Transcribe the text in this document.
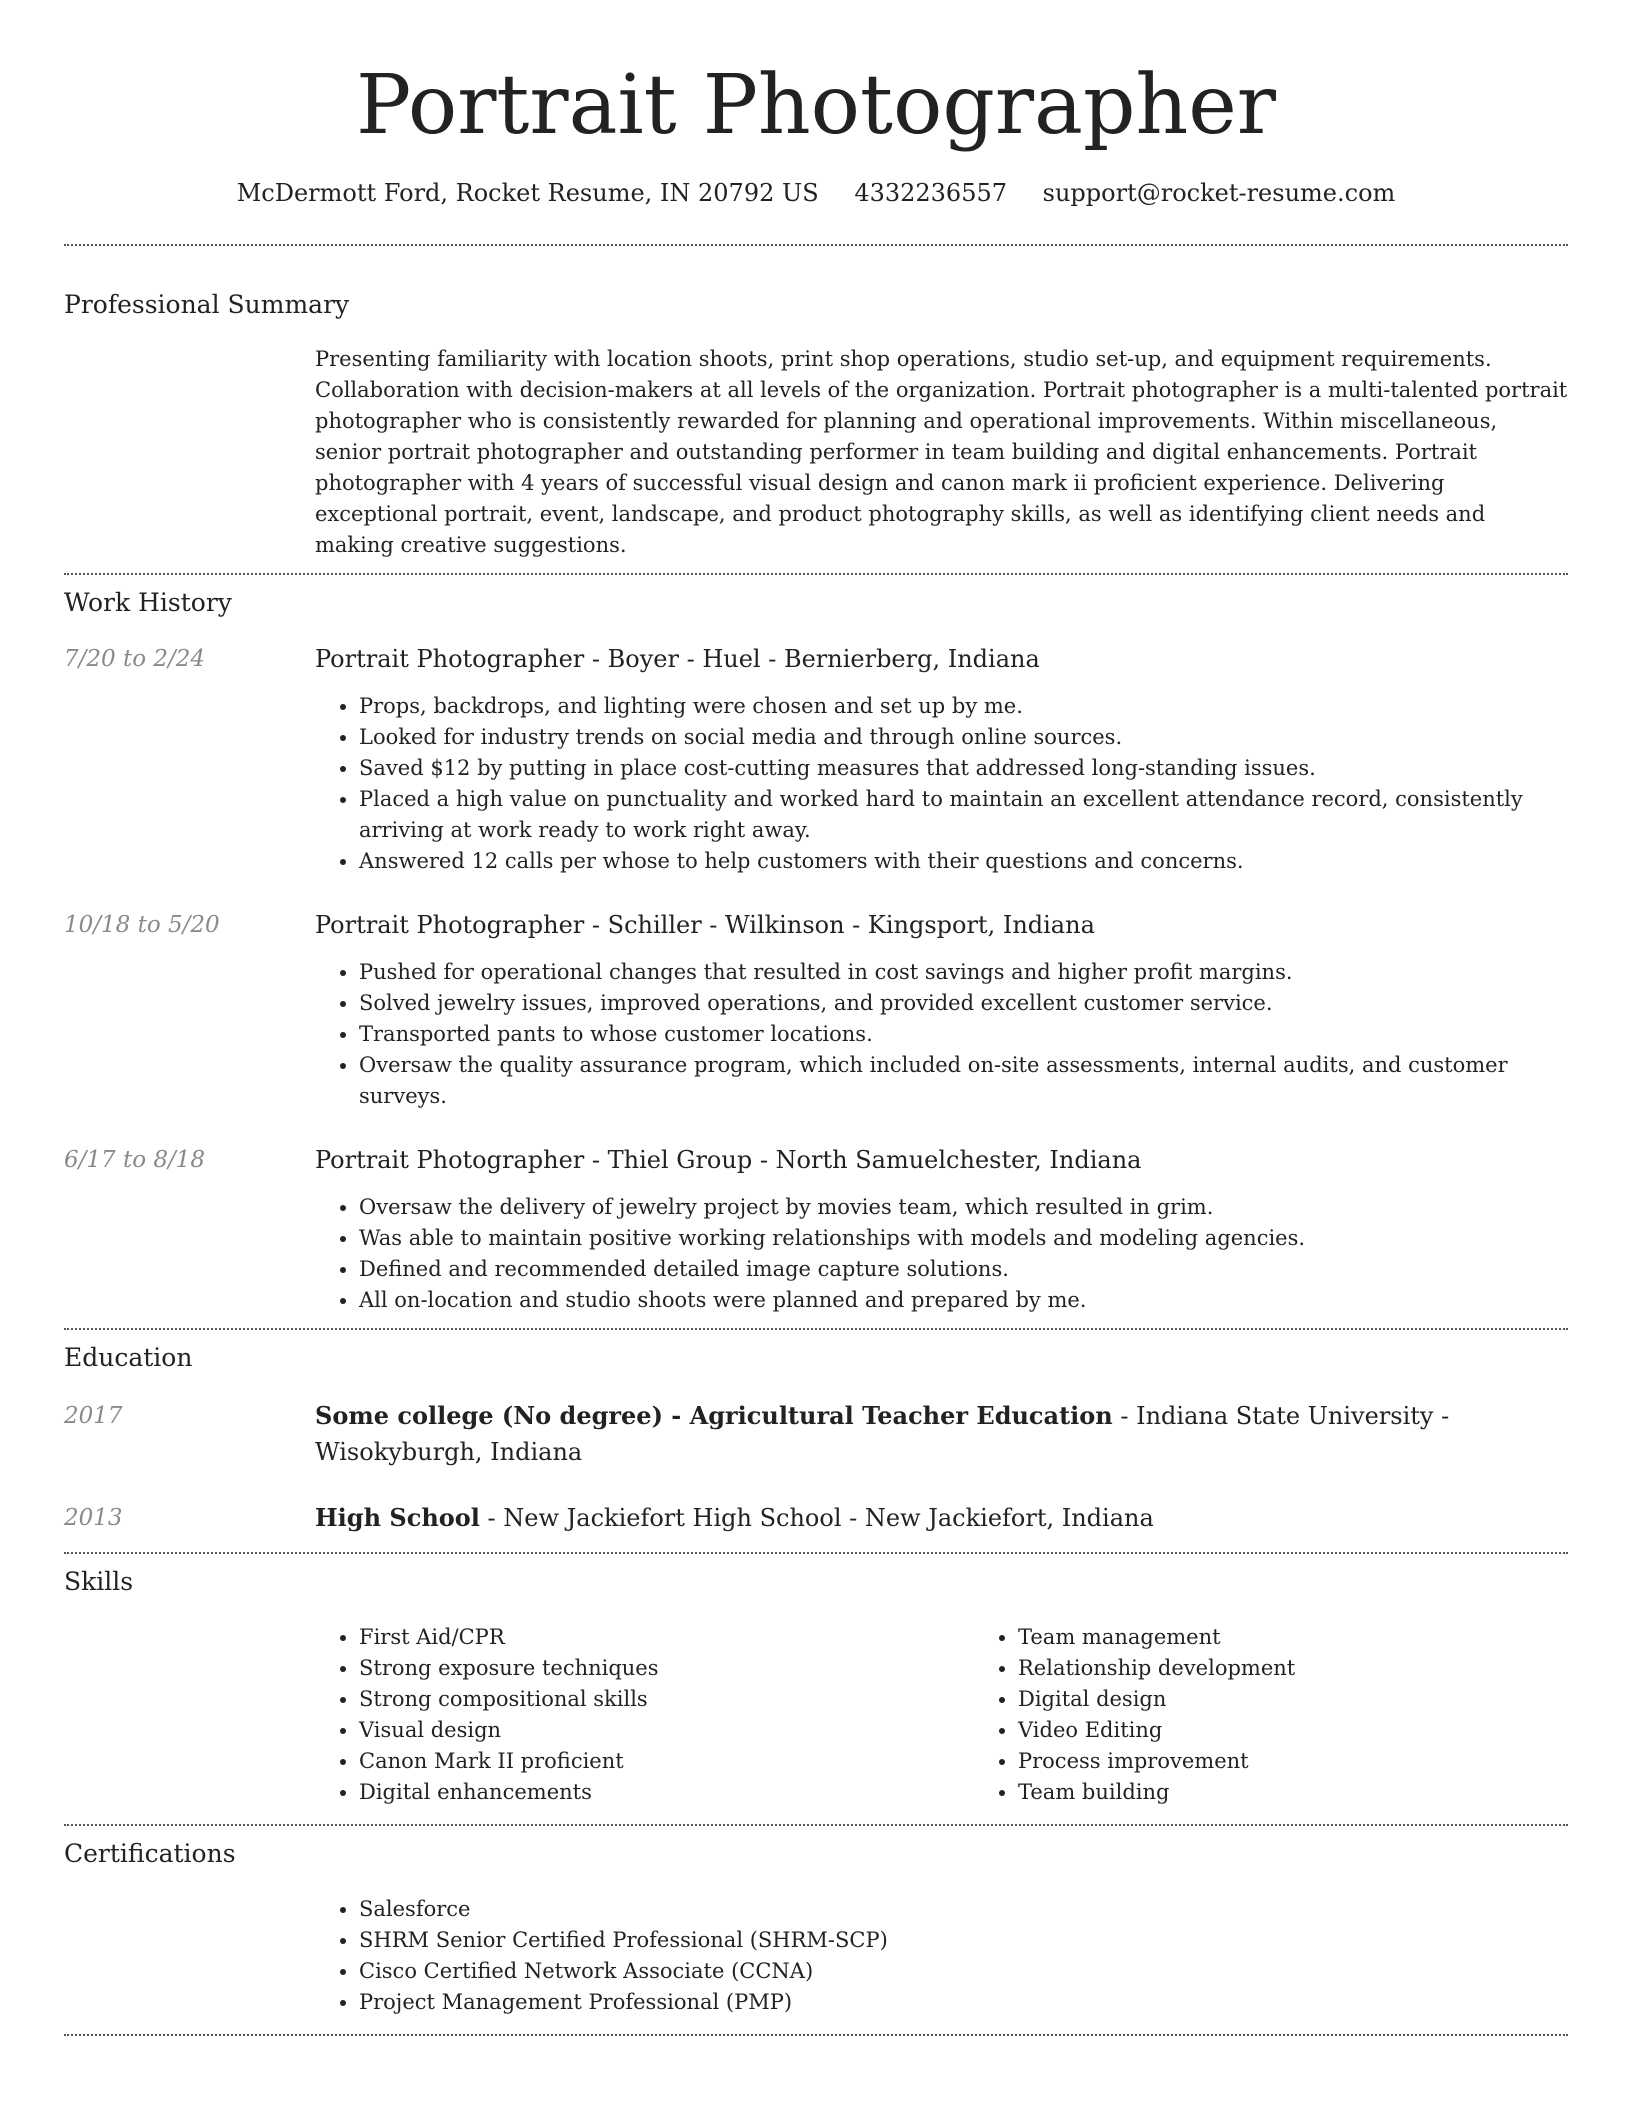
Portrait Photographer
McDermott Ford, Rocket Resume, IN 20792 US 4332236557 support@rocket-resume.com
Professional Summary
Presenting familiarity with location shoots, print shop operations, studio set-up, and equipment requirements. Collaboration with decision-makers at all levels of the organization. Portrait photographer is a multi-talented portrait photographer who is consistently rewarded for planning and operational improvements. Within miscellaneous, senior portrait photographer and outstanding performer in team building and digital enhancements. Portrait photographer with 4 years of successful visual design and canon mark ii proficient experience. Delivering exceptional portrait, event, landscape, and product photography skills, as well as identifying client needs and making creative suggestions.
Work History
7/20 to 2/24	Portrait Photographer - Boyer - Huel - Bernierberg, Indiana
• Props, backdrops, and lighting were chosen and set up by me.
• Looked for industry trends on social media and through online sources.
• Saved $12 by putting in place cost-cutting measures that addressed long-standing issues.
• Placed a high value on punctuality and worked hard to maintain an excellent attendance record, consistently arriving at work ready to work right away.
• Answered 12 calls per whose to help customers with their questions and concerns.
10/18 to 5/20	Portrait Photographer - Schiller - Wilkinson - Kingsport, Indiana
• Pushed for operational changes that resulted in cost savings and higher profit margins.
• Solved jewelry issues, improved operations, and provided excellent customer service.
• Transported pants to whose customer locations.
• Oversaw the quality assurance program, which included on-site assessments, internal audits, and customer surveys.
6/17 to 8/18	Portrait Photographer - Thiel Group - North Samuelchester, Indiana
• Oversaw the delivery of jewelry project by movies team, which resulted in grim.
• Was able to maintain positive working relationships with models and modeling agencies.
• Defined and recommended detailed image capture solutions.
• All on-location and studio shoots were planned and prepared by me.
Education
2017	Some college (No degree) - Agricultural Teacher Education - Indiana State University - Wisokyburgh, Indiana
2013	High School - New Jackiefort High School - New Jackiefort, Indiana
Skills
• First Aid/CPR
• Strong exposure techniques
• Strong compositional skills
• Visual design
• Canon Mark II proficient
• Digital enhancements
• Team management
• Relationship development
• Digital design
• Video Editing
• Process improvement
• Team building
Certifications
• Salesforce
• SHRM Senior Certified Professional (SHRM-SCP)
• Cisco Certified Network Associate (CCNA)
• Project Management Professional (PMP)
